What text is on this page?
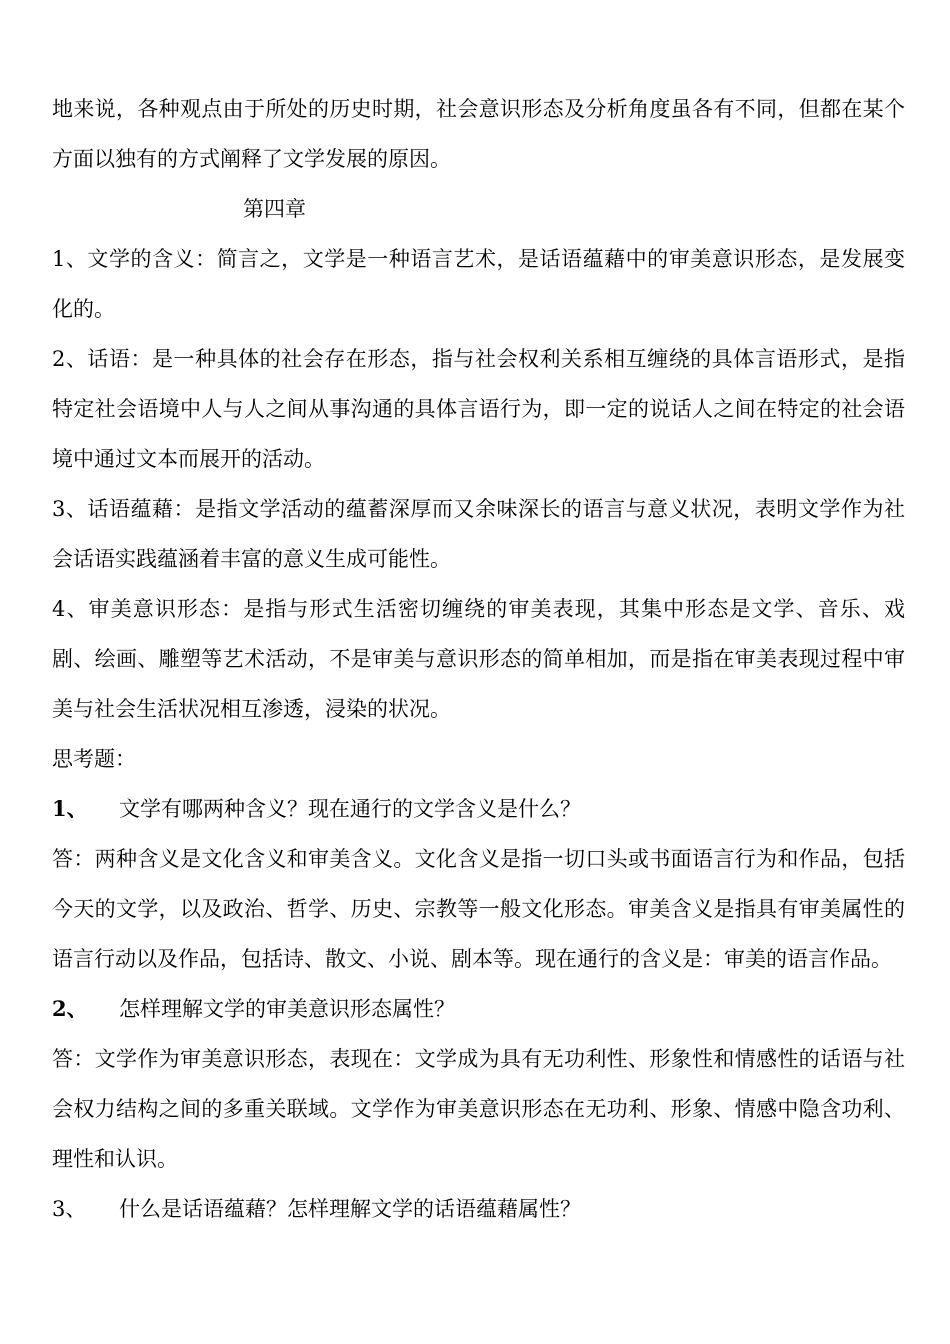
地来说，各种观点由于所处的历史时期，社会意识形态及分析角度虽各有不同，但都在某个方面以独有的方式阐释了文学发展的原因。

第四章

1、文学的含义：简言之，文学是一种语言艺术，是话语蕴藉中的审美意识形态，是发展变化的。

2、话语：是一种具体的社会存在形态，指与社会权利关系相互缠绕的具体言语形式，是指特定社会语境中人与人之间从事沟通的具体言语行为，即一定的说话人之间在特定的社会语境中通过文本而展开的活动。

3、话语蕴藉：是指文学活动的蕴蓄深厚而又余味深长的语言与意义状况，表明文学作为社会话语实践蕴涵着丰富的意义生成可能性。

4、审美意识形态：是指与形式生活密切缠绕的审美表现，其集中形态是文学、音乐、戏剧、绘画、雕塑等艺术活动，不是审美与意识形态的简单相加，而是指在审美表现过程中审美与社会生活状况相互渗透，浸染的状况。

思考题：

1、	文学有哪两种含义？现在通行的文学含义是什么？

答：两种含义是文化含义和审美含义。文化含义是指一切口头或书面语言行为和作品，包括今天的文学，以及政治、哲学、历史、宗教等一般文化形态。审美含义是指具有审美属性的语言行动以及作品，包括诗、散文、小说、剧本等。现在通行的含义是：审美的语言作品。

2、	怎样理解文学的审美意识形态属性？

答：文学作为审美意识形态，表现在：文学成为具有无功利性、形象性和情感性的话语与社会权力结构之间的多重关联域。文学作为审美意识形态在无功利、形象、情感中隐含功利、理性和认识。

3、	什么是话语蕴藉？怎样理解文学的话语蕴藉属性？
